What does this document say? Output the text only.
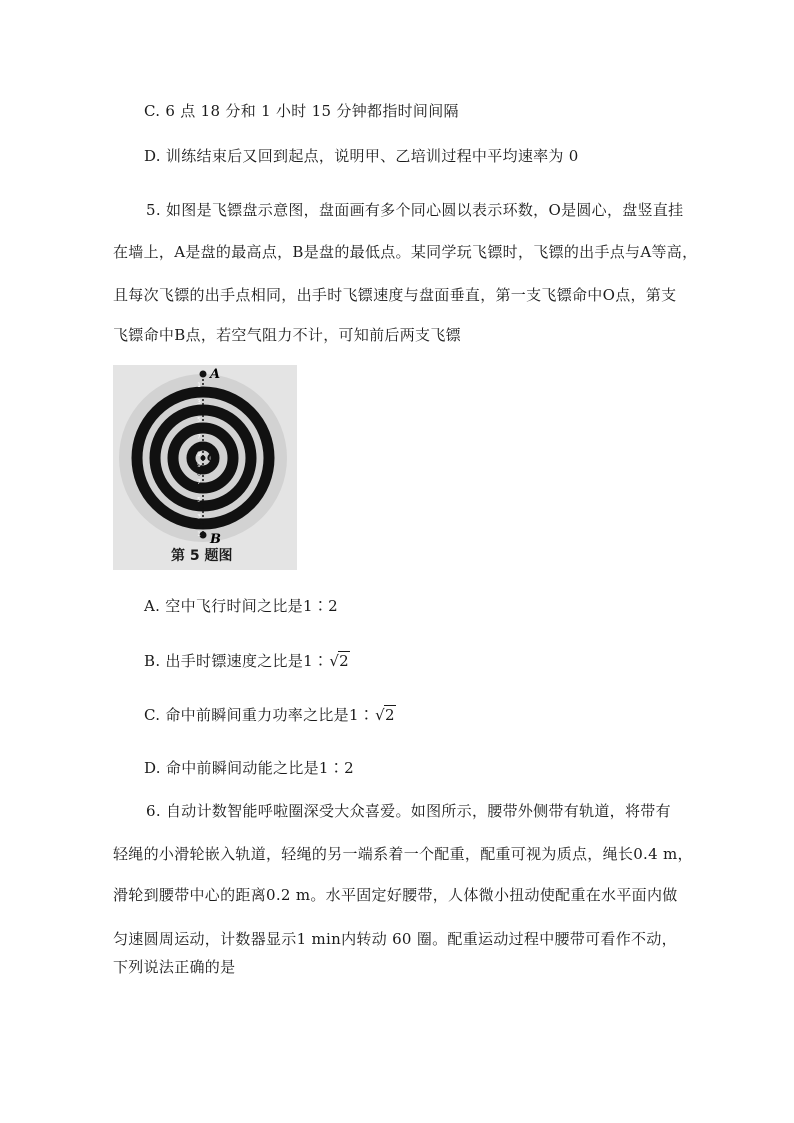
C. 6 点 18 分和 1 小时 15 分钟都指时间间隔
D. 训练结束后又回到起点，说明甲、乙培训过程中平均速率为 0
5. 如图是飞镖盘示意图，盘面画有多个同心圆以表示环数，O是圆心，盘竖直挂
在墙上，A是盘的最高点，B是盘的最低点。某同学玩飞镖时，飞镖的出手点与A等高，
且每次飞镖的出手点相同，出手时飞镖速度与盘面垂直，第一支飞镖命中O点，第支
飞镖命中B点，若空气阻力不计，可知前后两支飞镖
A
B
O
1
2
3
4
5
6
7
8
9
9
8
7
6
5
4
3
2
1
第 5 题图
A. 空中飞行时间之比是1∶2
B. 出手时镖速度之比是1∶√2
C. 命中前瞬间重力功率之比是1∶√2
D. 命中前瞬间动能之比是1∶2
6. 自动计数智能呼啦圈深受大众喜爱。如图所示，腰带外侧带有轨道，将带有
轻绳的小滑轮嵌入轨道，轻绳的另一端系着一个配重，配重可视为质点，绳长0.4 m，
滑轮到腰带中心的距离0.2 m。水平固定好腰带，人体微小扭动使配重在水平面内做
匀速圆周运动，计数器显示1 min内转动 60 圈。配重运动过程中腰带可看作不动，
下列说法正确的是
